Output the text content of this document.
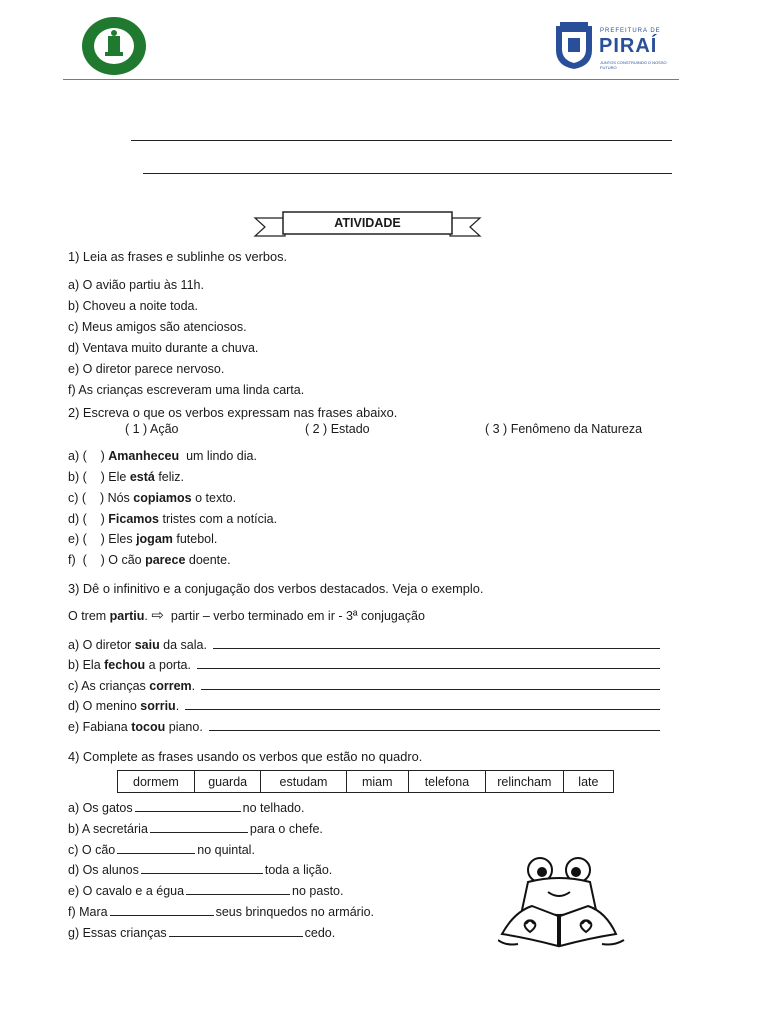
PREFEITURA DE
PIRAÍ
JUNTOS CONSTRUINDO O NOSSO FUTURO
ATIVIDADE
1) Leia as frases e sublinhe os verbos.
a) O avião partiu às 11h.
b) Choveu a noite toda.
c) Meus amigos são atenciosos.
d) Ventava muito durante a chuva.
e) O diretor parece nervoso.
f) As crianças escreveram uma linda carta.
2) Escreva o que os verbos expressam nas frases abaixo.
( 1 ) Ação	( 2 ) Estado	( 3 ) Fenômeno da Natureza
a) (    ) Amanheceu  um lindo dia.
b) (    ) Ele está feliz.
c) (    ) Nós copiamos o texto.
d) (    ) Ficamos tristes com a notícia.
e) (    ) Eles jogam futebol.
f)  (    ) O cão parece doente.
3) Dê o infinitivo e a conjugação dos verbos destacados. Veja o exemplo.
O trem partiu. ⇨ partir – verbo terminado em ir - 3ª conjugação
a) O diretor saiu da sala.
b) Ela fechou a porta.
c) As crianças correm .
d) O menino sorriu .
e) Fabiana tocou piano.
4) Complete as frases usando os verbos que estão no quadro.
dormem	guarda	estudam	miam	telefona	relincham	late
a) Os gatos	no telhado.
b) A secretária	para o chefe.
c) O cão	no quintal.
d) Os alunos	toda a lição.
e) O cavalo e a égua	no pasto.
f) Mara	seus brinquedos no armário.
g) Essas crianças	cedo.
